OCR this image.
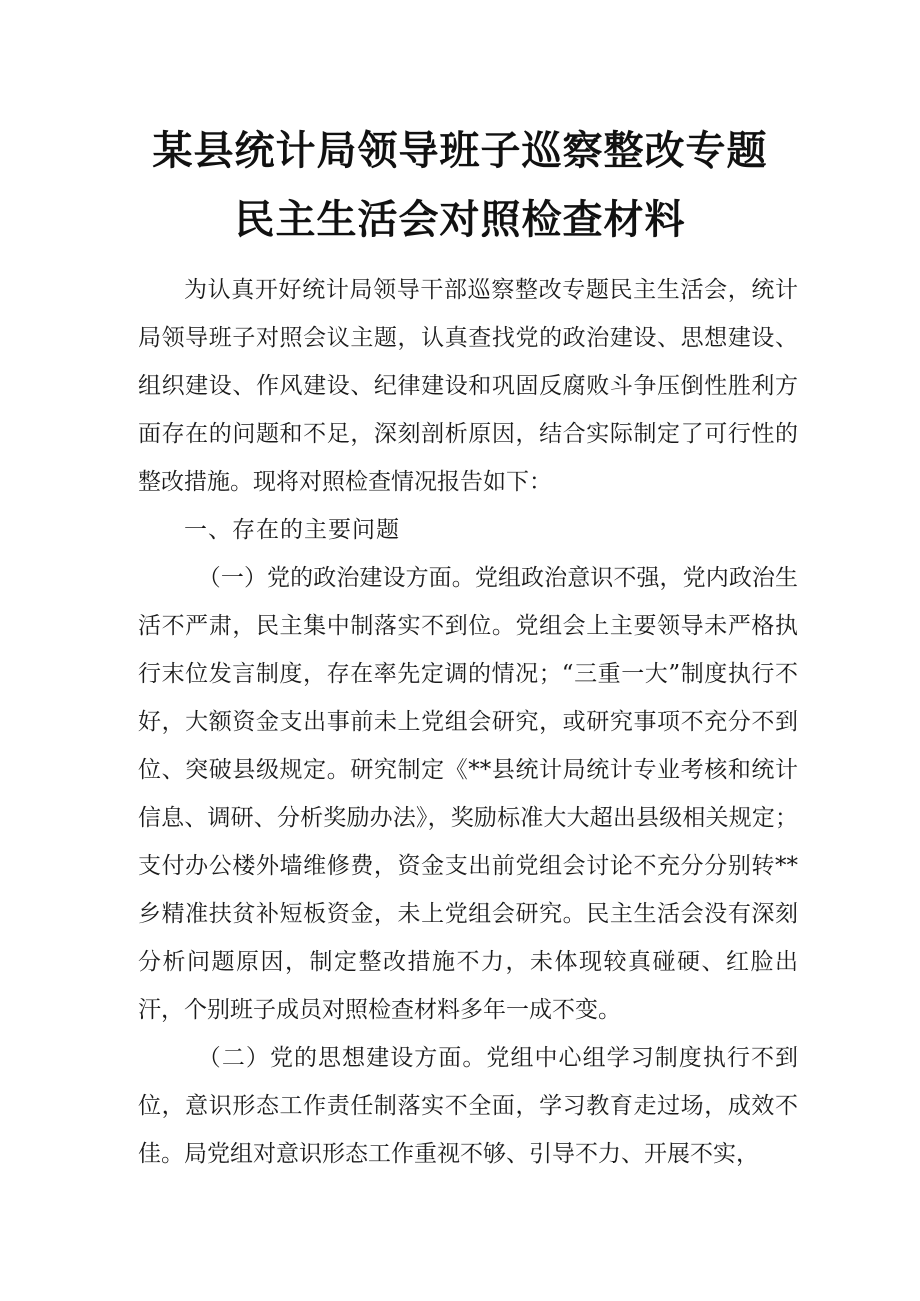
某县统计局领导班子巡察整改专题
民主生活会对照检查材料

为认真开好统计局领导干部巡察整改专题民主生活会，统计局领导班子对照会议主题，认真查找党的政治建设、思想建设、组织建设、作风建设、纪律建设和巩固反腐败斗争压倒性胜利方面存在的问题和不足，深刻剖析原因，结合实际制定了可行性的整改措施。现将对照检查情况报告如下：

一、存在的主要问题

（一）党的政治建设方面。党组政治意识不强，党内政治生活不严肃，民主集中制落实不到位。党组会上主要领导未严格执行末位发言制度，存在率先定调的情况；“三重一大”制度执行不好，大额资金支出事前未上党组会研究，或研究事项不充分不到位、突破县级规定。研究制定《**县统计局统计专业考核和统计信息、调研、分析奖励办法》，奖励标准大大超出县级相关规定；支付办公楼外墙维修费，资金支出前党组会讨论不充分分别转**乡精准扶贫补短板资金，未上党组会研究。民主生活会没有深刻分析问题原因，制定整改措施不力，未体现较真碰硬、红脸出汗，个别班子成员对照检查材料多年一成不变。

（二）党的思想建设方面。党组中心组学习制度执行不到位，意识形态工作责任制落实不全面，学习教育走过场，成效不佳。局党组对意识形态工作重视不够、引导不力、开展不实，
